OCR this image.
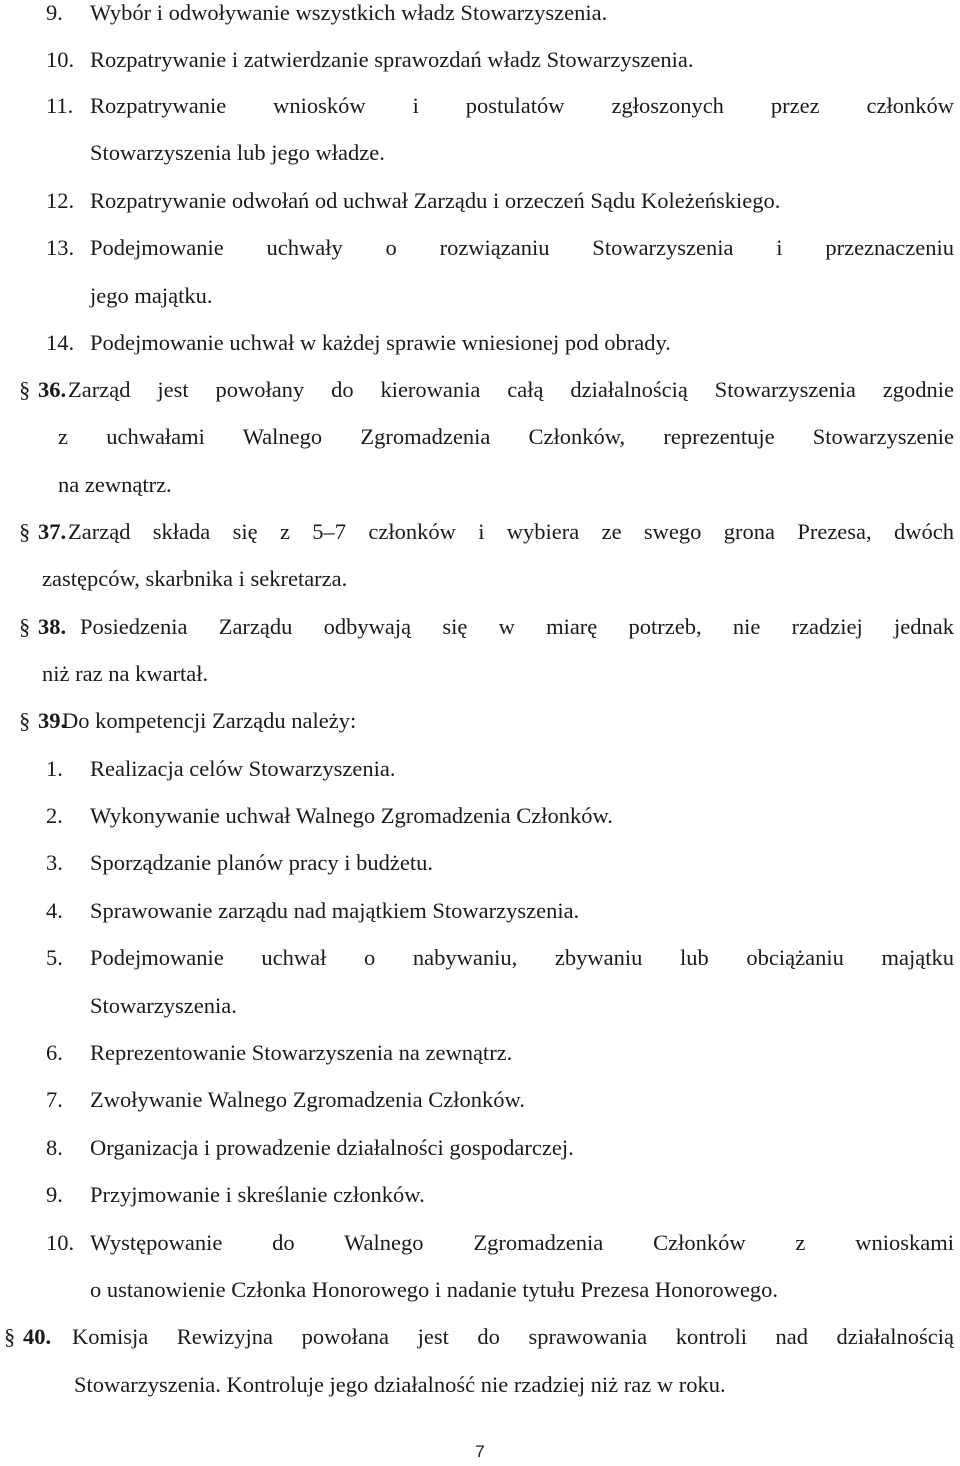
9. Wybór i odwoływanie wszystkich władz Stowarzyszenia.
10. Rozpatrywanie i zatwierdzanie sprawozdań władz Stowarzyszenia.
11. Rozpatrywanie wniosków i postulatów zgłoszonych przez członków
Stowarzyszenia lub jego władze.
12. Rozpatrywanie odwołań od uchwał Zarządu i orzeczeń Sądu Koleżeńskiego.
13. Podejmowanie uchwały o rozwiązaniu Stowarzyszenia i przeznaczeniu
jego majątku.
14. Podejmowanie uchwał w każdej sprawie wniesionej pod obrady.
§ 36. Zarząd jest powołany do kierowania całą działalnością Stowarzyszenia zgodnie
z uchwałami Walnego Zgromadzenia Członków, reprezentuje Stowarzyszenie
na zewnątrz.
§ 37. Zarząd składa się z 5–7 członków i wybiera ze swego grona Prezesa, dwóch
zastępców, skarbnika i sekretarza.
§ 38. Posiedzenia Zarządu odbywają się w miarę potrzeb, nie rzadziej jednak
niż raz na kwartał.
§ 39.
Do kompetencji Zarządu należy:
1. Realizacja celów Stowarzyszenia.
2. Wykonywanie uchwał Walnego Zgromadzenia Członków.
3. Sporządzanie planów pracy i budżetu.
4. Sprawowanie zarządu nad majątkiem Stowarzyszenia.
5. Podejmowanie uchwał o nabywaniu, zbywaniu lub obciążaniu majątku
Stowarzyszenia.
6. Reprezentowanie Stowarzyszenia na zewnątrz.
7. Zwoływanie Walnego Zgromadzenia Członków.
8. Organizacja i prowadzenie działalności gospodarczej.
9. Przyjmowanie i skreślanie członków.
10. Występowanie do Walnego Zgromadzenia Członków z wnioskami
o ustanowienie Członka Honorowego i nadanie tytułu Prezesa Honorowego.
§ 40. Komisja Rewizyjna powołana jest do sprawowania kontroli nad działalnością
Stowarzyszenia. Kontroluje jego działalność nie rzadziej niż raz w roku.
7
